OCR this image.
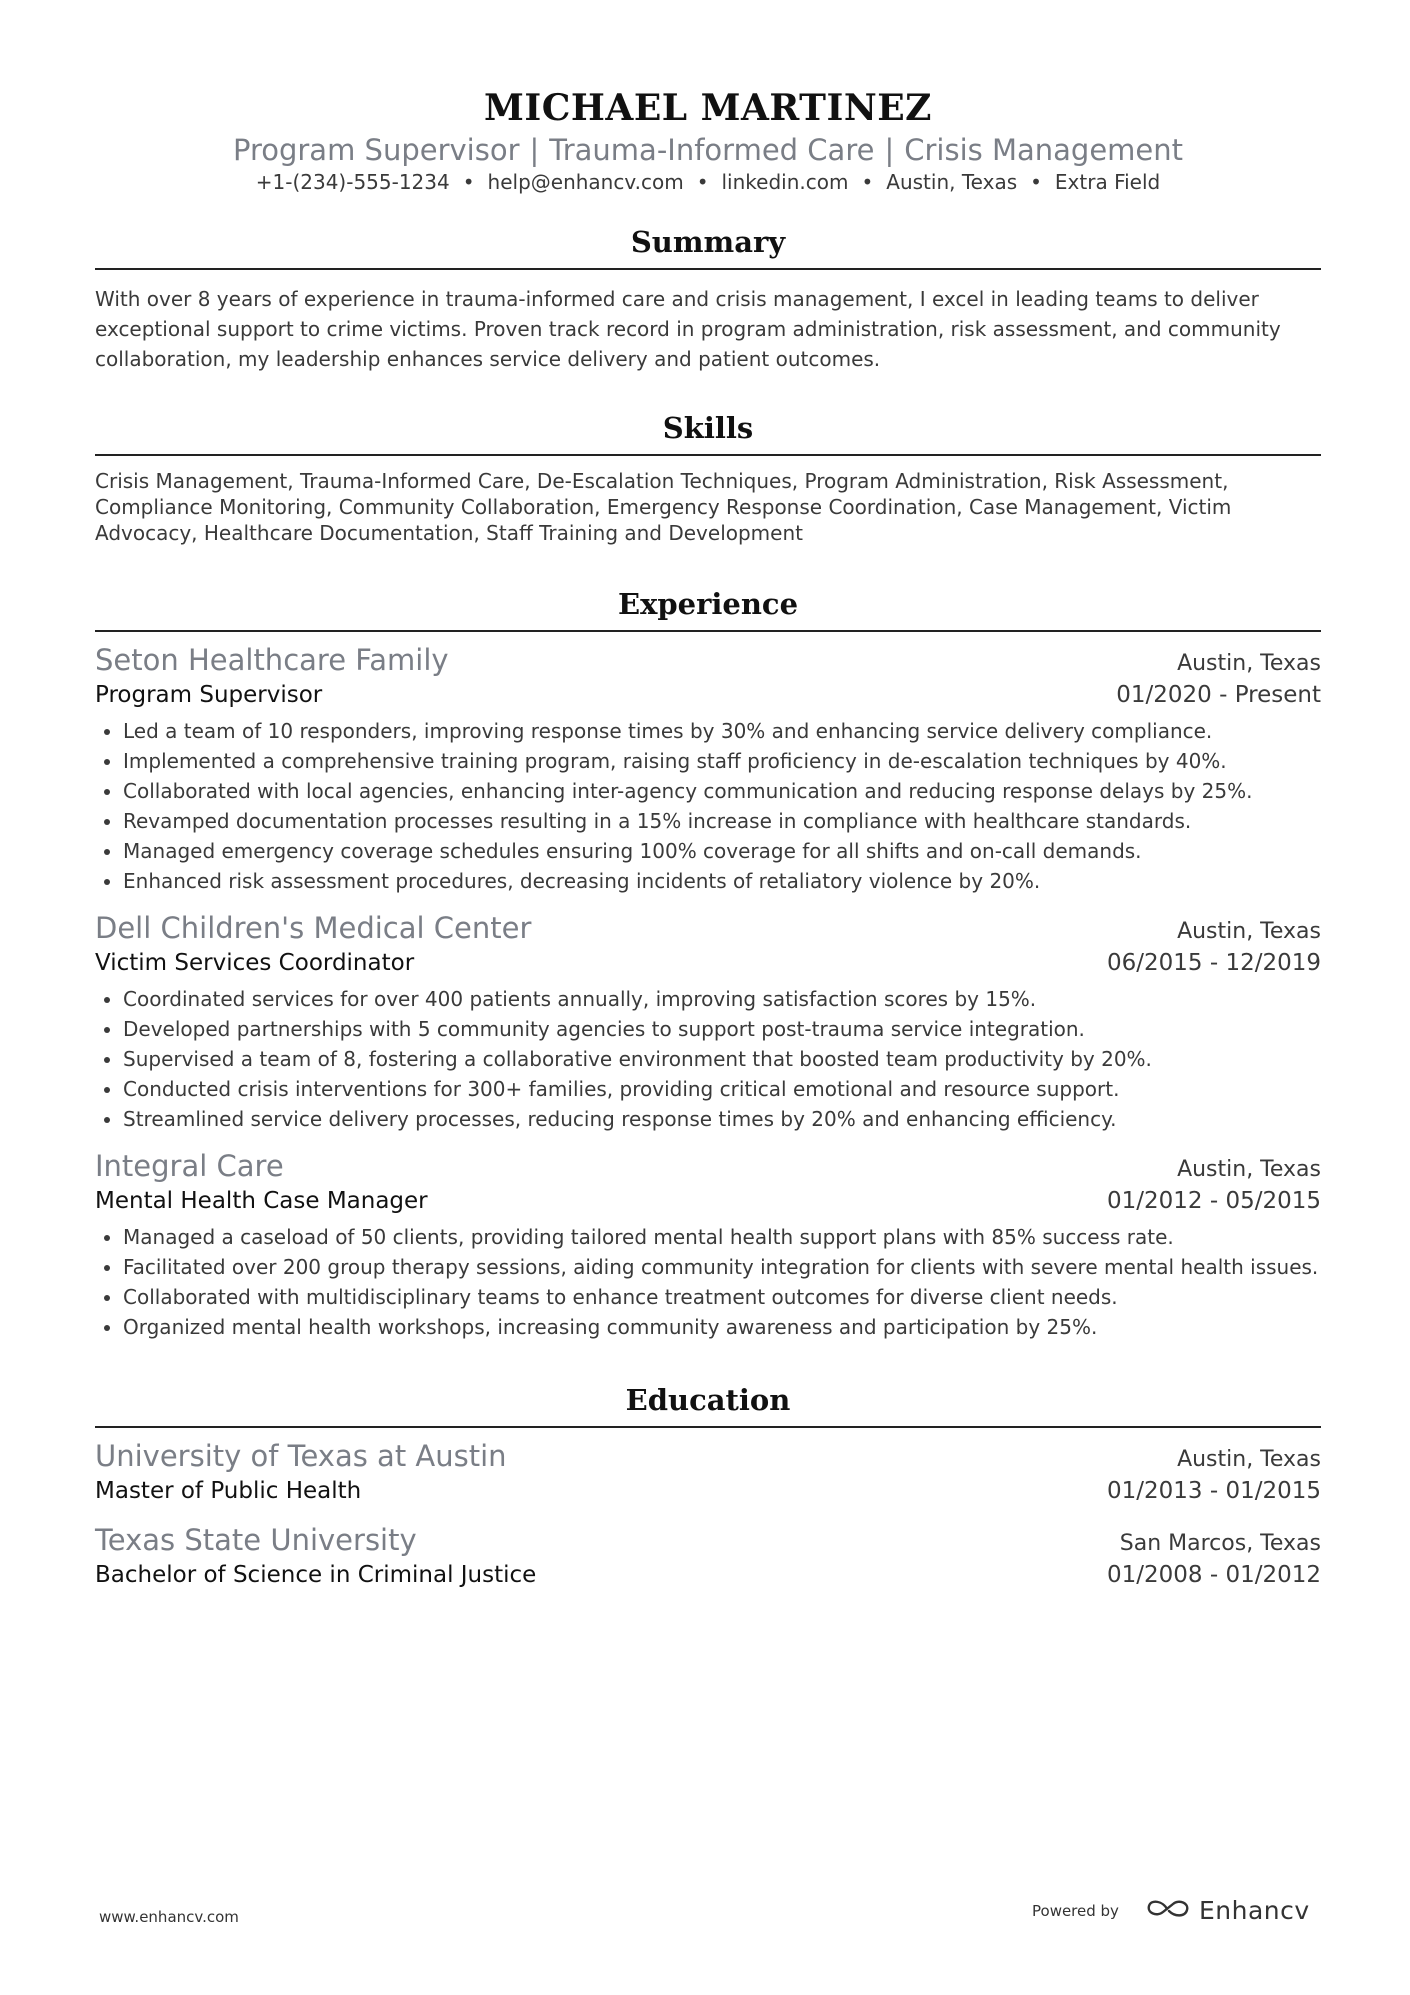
MICHAEL MARTINEZ
Program Supervisor | Trauma-Informed Care | Crisis Management
+1-(234)-555-1234 • help@enhancv.com • linkedin.com • Austin, Texas • Extra Field
Summary
With over 8 years of experience in trauma-informed care and crisis management, I excel in leading teams to deliver exceptional support to crime victims. Proven track record in program administration, risk assessment, and community collaboration, my leadership enhances service delivery and patient outcomes.
Skills
Crisis Management, Trauma-Informed Care, De-Escalation Techniques, Program Administration, Risk Assessment, Compliance Monitoring, Community Collaboration, Emergency Response Coordination, Case Management, Victim Advocacy, Healthcare Documentation, Staff Training and Development
Experience
Seton Healthcare Family	Austin, Texas
Program Supervisor	01/2020 - Present
• Led a team of 10 responders, improving response times by 30% and enhancing service delivery compliance.
• Implemented a comprehensive training program, raising staff proficiency in de-escalation techniques by 40%.
• Collaborated with local agencies, enhancing inter-agency communication and reducing response delays by 25%.
• Revamped documentation processes resulting in a 15% increase in compliance with healthcare standards.
• Managed emergency coverage schedules ensuring 100% coverage for all shifts and on-call demands.
• Enhanced risk assessment procedures, decreasing incidents of retaliatory violence by 20%.
Dell Children's Medical Center	Austin, Texas
Victim Services Coordinator	06/2015 - 12/2019
• Coordinated services for over 400 patients annually, improving satisfaction scores by 15%.
• Developed partnerships with 5 community agencies to support post-trauma service integration.
• Supervised a team of 8, fostering a collaborative environment that boosted team productivity by 20%.
• Conducted crisis interventions for 300+ families, providing critical emotional and resource support.
• Streamlined service delivery processes, reducing response times by 20% and enhancing efficiency.
Integral Care	Austin, Texas
Mental Health Case Manager	01/2012 - 05/2015
• Managed a caseload of 50 clients, providing tailored mental health support plans with 85% success rate.
• Facilitated over 200 group therapy sessions, aiding community integration for clients with severe mental health issues.
• Collaborated with multidisciplinary teams to enhance treatment outcomes for diverse client needs.
• Organized mental health workshops, increasing community awareness and participation by 25%.
Education
University of Texas at Austin	Austin, Texas
Master of Public Health	01/2013 - 01/2015
Texas State University	San Marcos, Texas
Bachelor of Science in Criminal Justice	01/2008 - 01/2012
www.enhancv.com	Powered by	Enhancv
